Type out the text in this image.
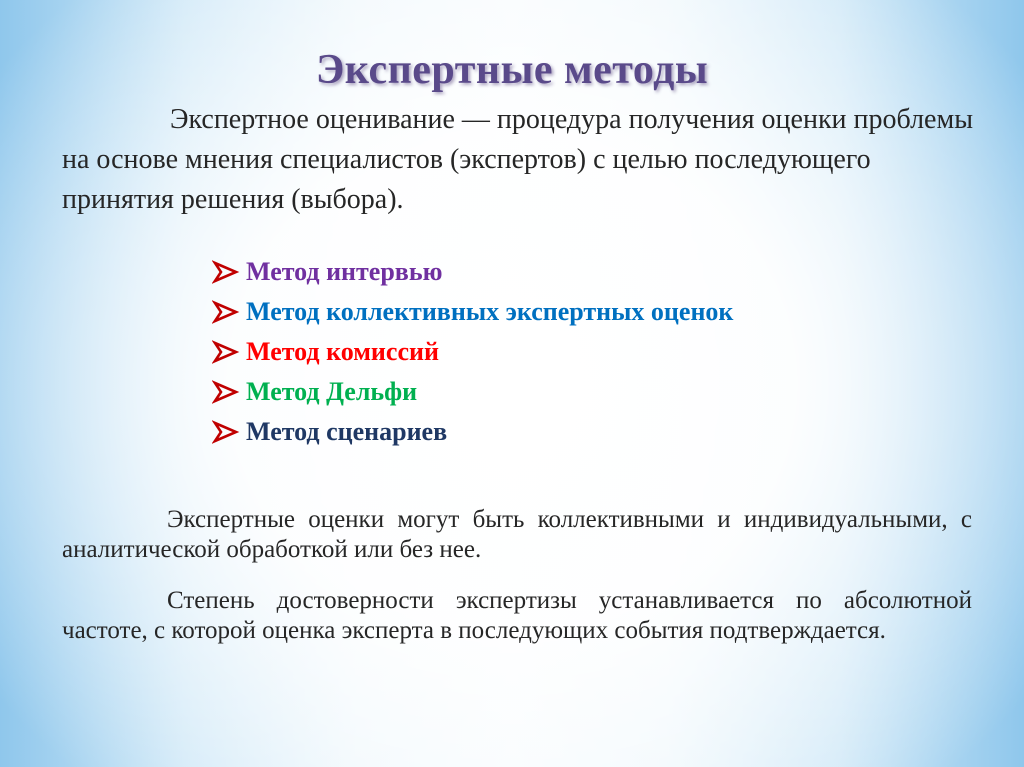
Экспертные методы
Экспертное оценивание — процедура получения оценки проблемы на основе мнения специалистов (экспертов) с целью последующего принятия решения (выбора).
Метод интервью
Метод коллективных экспертных оценок
Метод комиссий
Метод Дельфи
Метод сценариев
Экспертные оценки могут быть коллективными и индивидуальными, с аналитической обработкой или без нее.
Степень достоверности экспертизы устанавливается по абсолютной частоте, с которой оценка эксперта в последующих события подтверждается.
